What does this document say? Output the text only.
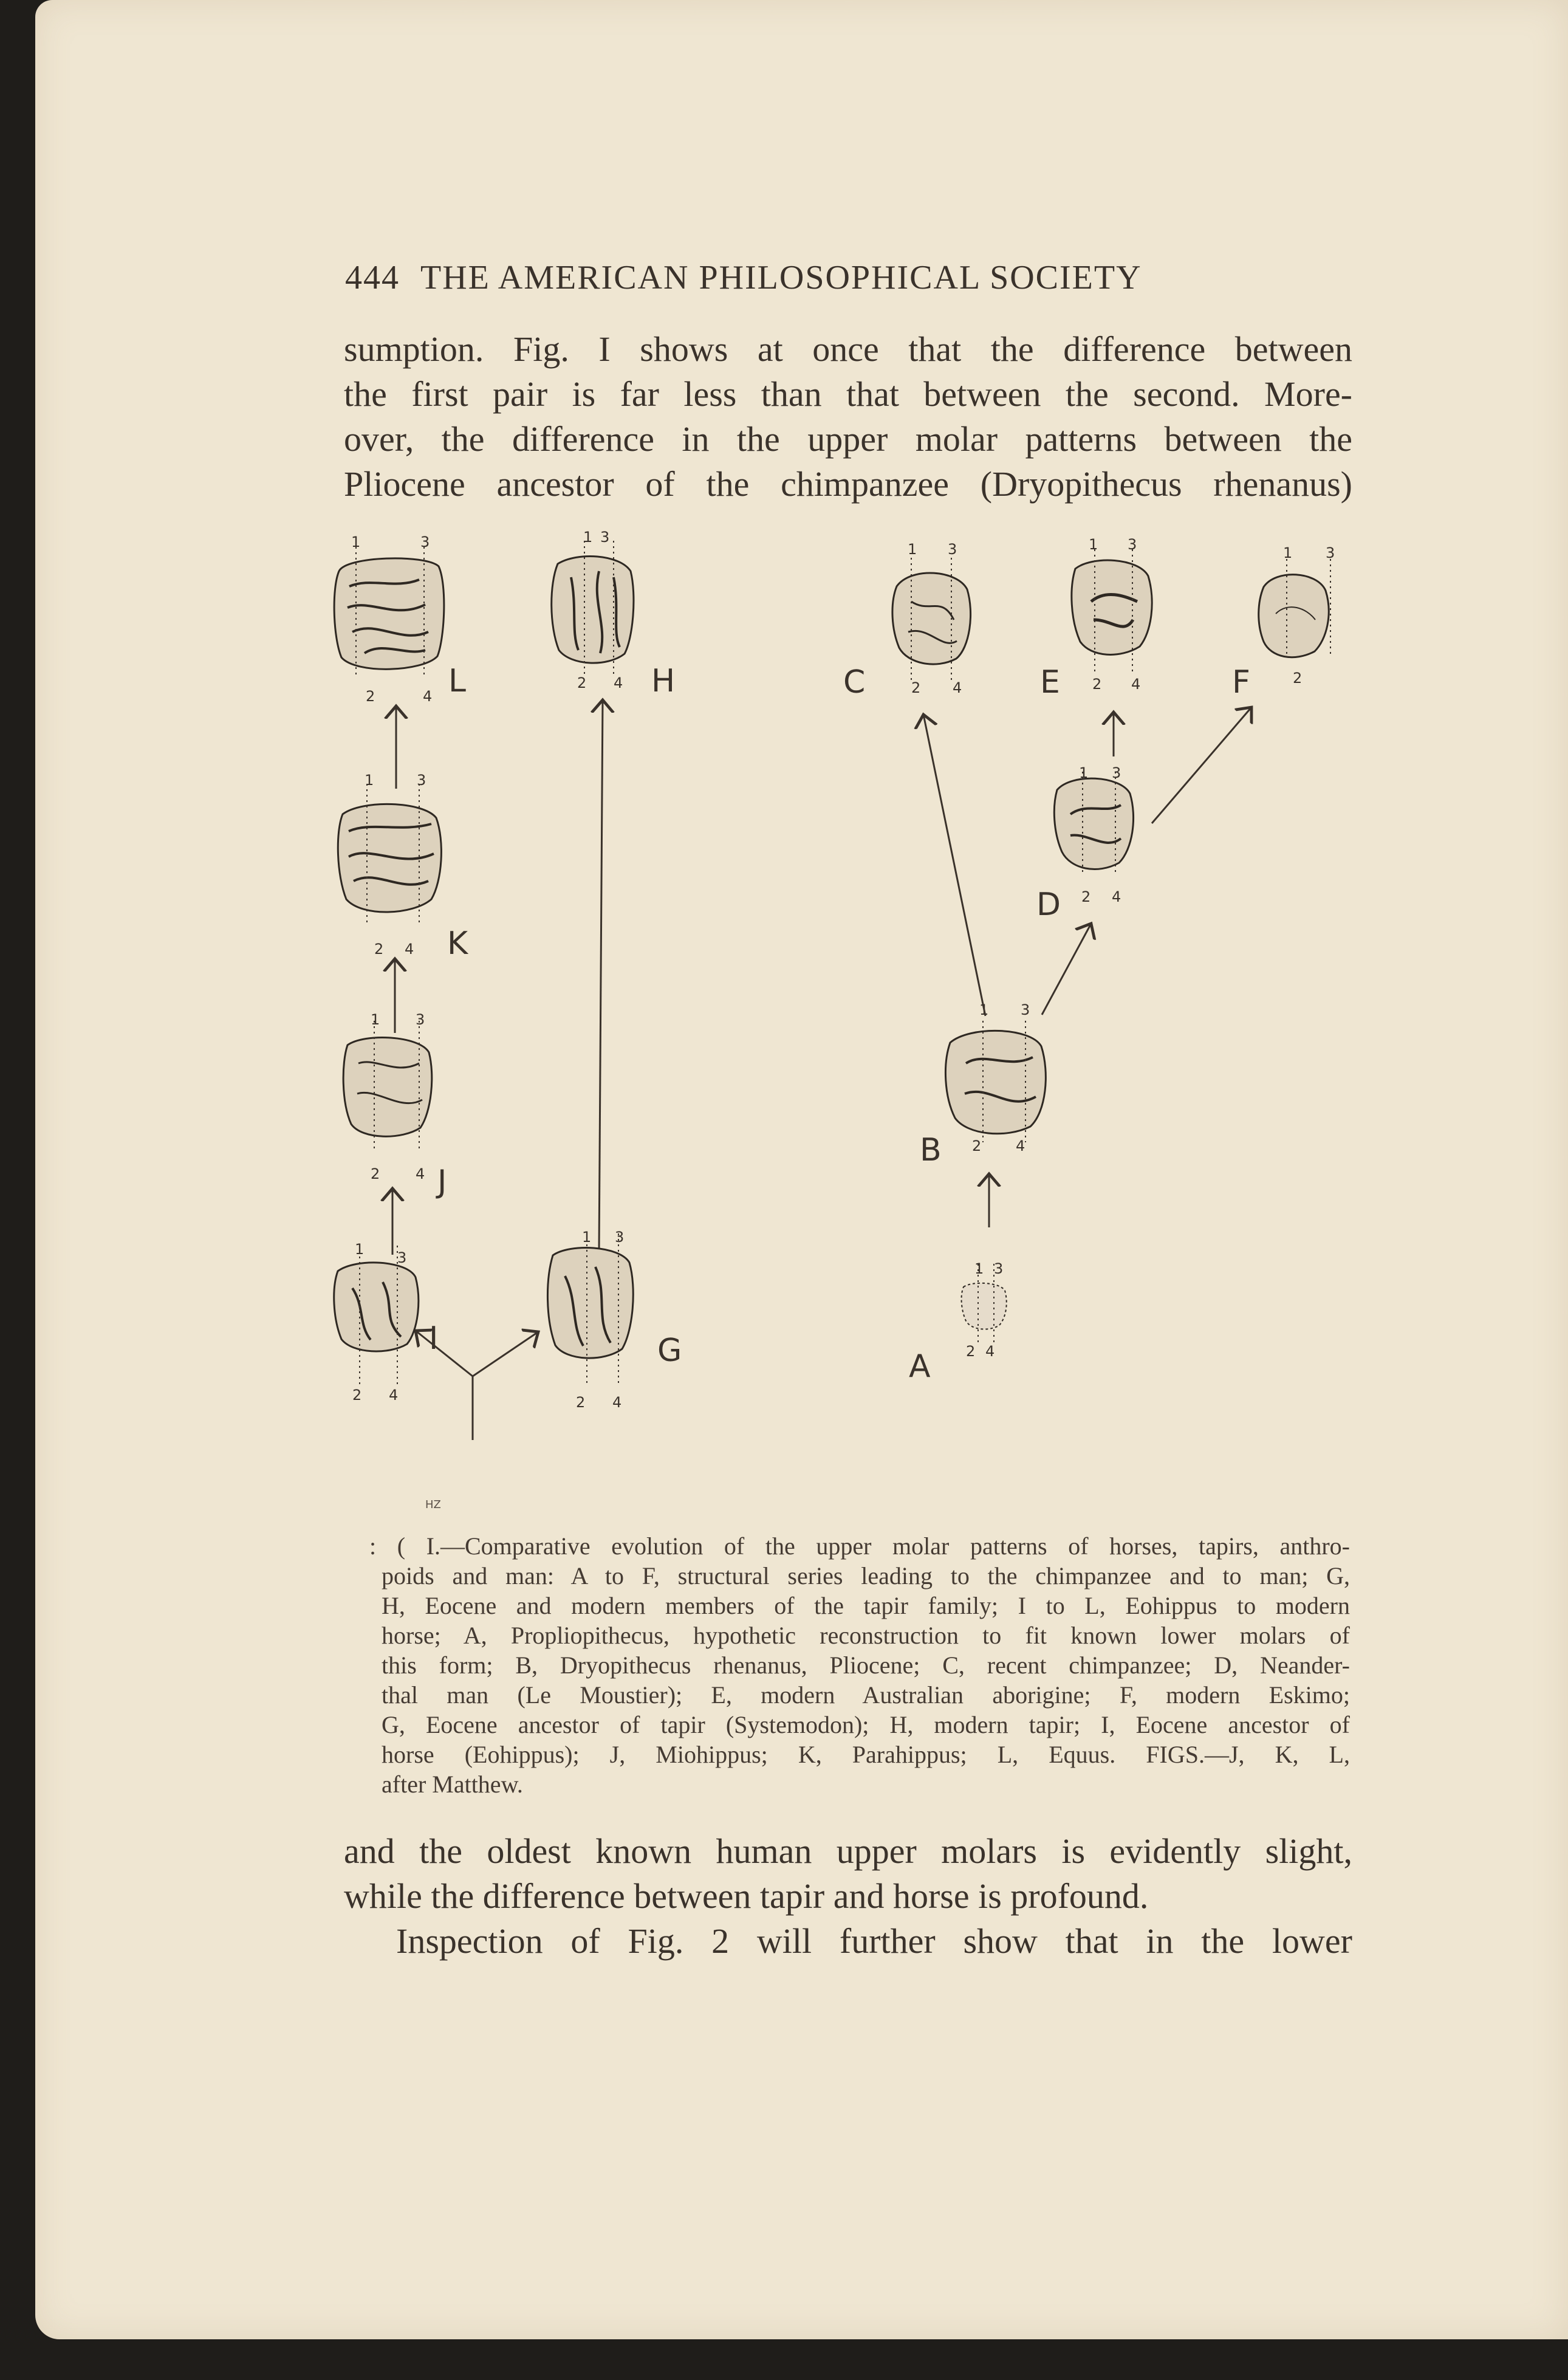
444 THE AMERICAN PHILOSOPHICAL SOCIETY
sumption. Fig. I shows at once that the difference between
the first pair is far less than that between the second. More-
over, the difference in the upper molar patterns between the
Pliocene ancestor of the chimpanzee (Dryopithecus rhenanus)
1	3
2	4
1 3
2 4
1 3
2 4
1 3
2 4
1 3
2
1	3
2 4
1 3
2 4
1 3
2 4
1 3
2 4
1 3
2 4
1 3
2 4
1 3
2 4
L	H	C	E	F
K
D
J
B
I	G	A
HZ
: ( I.—Comparative evolution of the upper molar patterns of horses, tapirs, anthro-
poids and man: A to F, structural series leading to the chimpanzee and to man; G,
H, Eocene and modern members of the tapir family; I to L, Eohippus to modern
horse; A, Propliopithecus, hypothetic reconstruction to fit known lower molars of
this form; B, Dryopithecus rhenanus, Pliocene; C, recent chimpanzee; D, Neander-
thal man (Le Moustier); E, modern Australian aborigine; F, modern Eskimo;
G, Eocene ancestor of tapir (Systemodon); H, modern tapir; I, Eocene ancestor of
horse (Eohippus); J, Miohippus; K, Parahippus; L, Equus. FIGS.—J, K, L,
after Matthew.
and the oldest known human upper molars is evidently slight,
while the difference between tapir and horse is profound.
Inspection of Fig. 2 will further show that in the lower
